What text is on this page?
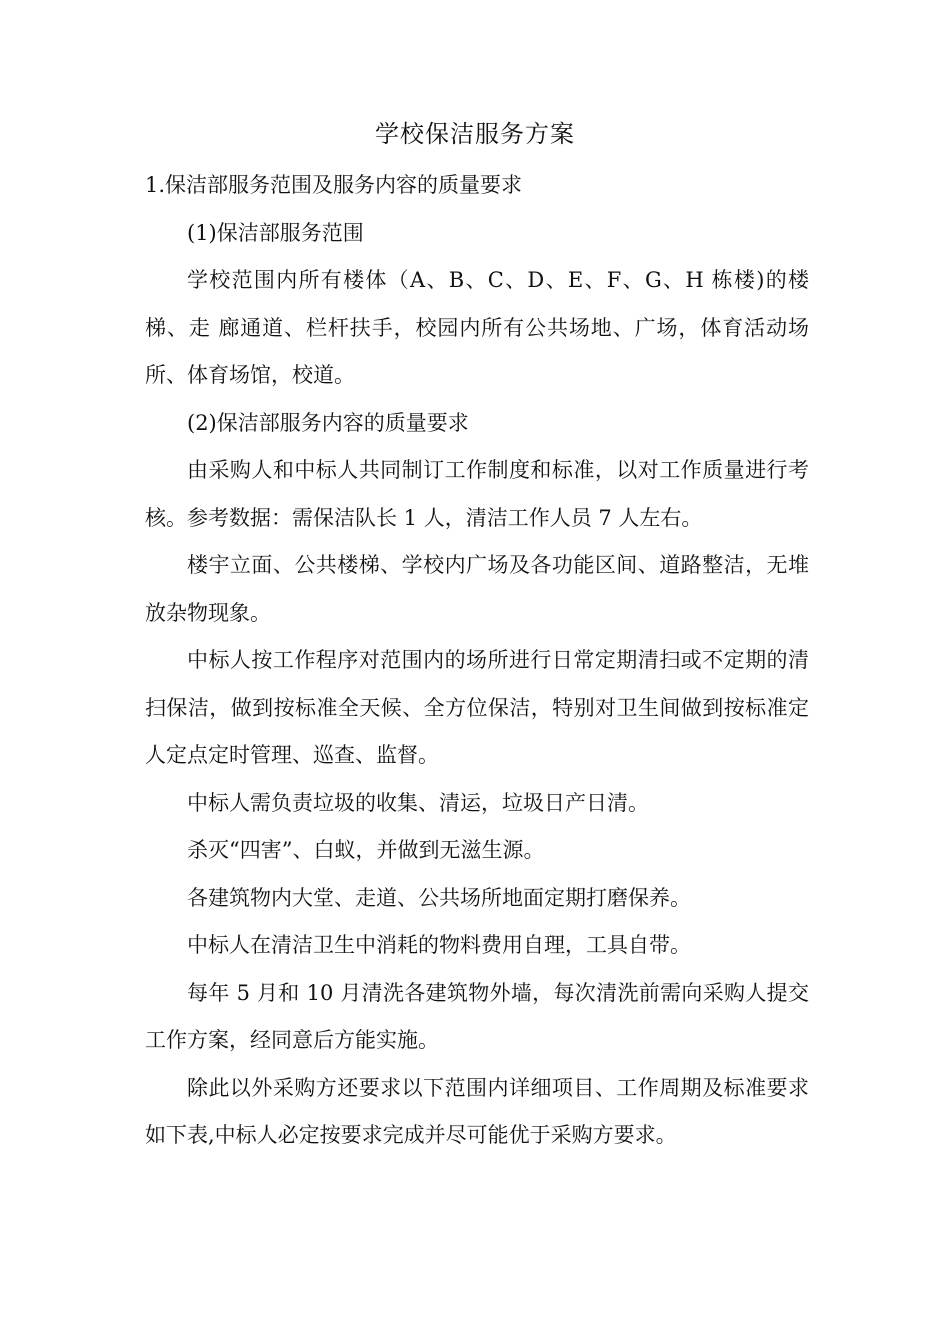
学校保洁服务方案

1.保洁部服务范围及服务内容的质量要求

(1)保洁部服务范围

学校范围内所有楼体（A、B、C、D、E、F、G、H 栋楼)的楼梯、走 廊通道、栏杆扶手，校园内所有公共场地、广场，体育活动场所、体育场馆，校道。

(2)保洁部服务内容的质量要求

由采购人和中标人共同制订工作制度和标准，以对工作质量进行考核。参考数据：需保洁队长 1 人，清洁工作人员 7 人左右。

楼宇立面、公共楼梯、学校内广场及各功能区间、道路整洁，无堆放杂物现象。

中标人按工作程序对范围内的场所进行日常定期清扫或不定期的清扫保洁，做到按标准全天候、全方位保洁，特别对卫生间做到按标准定人定点定时管理、巡查、监督。

中标人需负责垃圾的收集、清运，垃圾日产日清。

杀灭“四害”、白蚁，并做到无滋生源。

各建筑物内大堂、走道、公共场所地面定期打磨保养。

中标人在清洁卫生中消耗的物料费用自理，工具自带。

每年 5 月和 10 月清洗各建筑物外墙，每次清洗前需向采购人提交工作方案，经同意后方能实施。

除此以外采购方还要求以下范围内详细项目、工作周期及标准要求如下表,中标人必定按要求完成并尽可能优于采购方要求。
